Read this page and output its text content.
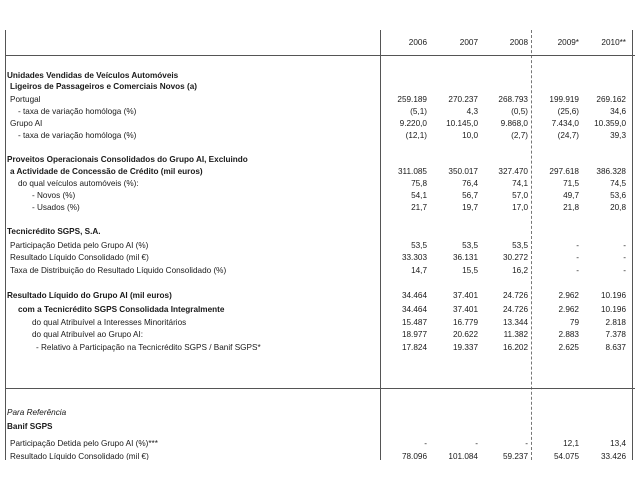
2006	2007	2008	2009*	2010**
Unidades Vendidas de Veículos Automóveis
Ligeiros de Passageiros e Comerciais Novos (a)
Portugal	259.189	270.237	268.793	199.919	269.162
- taxa de variação homóloga (%)	(5,1)	4,3	(0,5)	(25,6)	34,6
Grupo AI	9.220,0	10.145,0	9.868,0	7.434,0	10.359,0
- taxa de variação homóloga (%)	(12,1)	10,0	(2,7)	(24,7)	39,3
Proveitos Operacionais Consolidados do Grupo AI, Excluindo
a Actividade de Concessão de Crédito (mil euros)	311.085	350.017	327.470	297.618	386.328
do qual veículos automóveis (%):	75,8	76,4	74,1	71,5	74,5
- Novos (%)	54,1	56,7	57,0	49,7	53,6
- Usados (%)	21,7	19,7	17,0	21,8	20,8
Tecnicrédito SGPS, S.A.
Participação Detida pelo Grupo AI (%)	53,5	53,5	53,5	-	-
Resultado Líquido Consolidado (mil €)	33.303	36.131	30.272	-	-
Taxa de Distribuição do Resultado Líquido Consolidado (%)	14,7	15,5	16,2	-	-
Resultado Líquido do Grupo AI (mil euros)	34.464	37.401	24.726	2.962	10.196
com a Tecnicrédito SGPS Consolidada Integralmente	34.464	37.401	24.726	2.962	10.196
do qual Atribuível a Interesses Minoritários	15.487	16.779	13.344	79	2.818
do qual Atribuível ao Grupo AI:	18.977	20.622	11.382	2.883	7.378
- Relativo à Participação na Tecnicrédito SGPS / Banif SGPS*	17.824	19.337	16.202	2.625	8.637
Para Referência
Banif SGPS
Participação Detida pelo Grupo AI (%)***	-	-	-	12,1	13,4
Resultado Líquido Consolidado (mil €)	78.096	101.084	59.237	54.075	33.426
